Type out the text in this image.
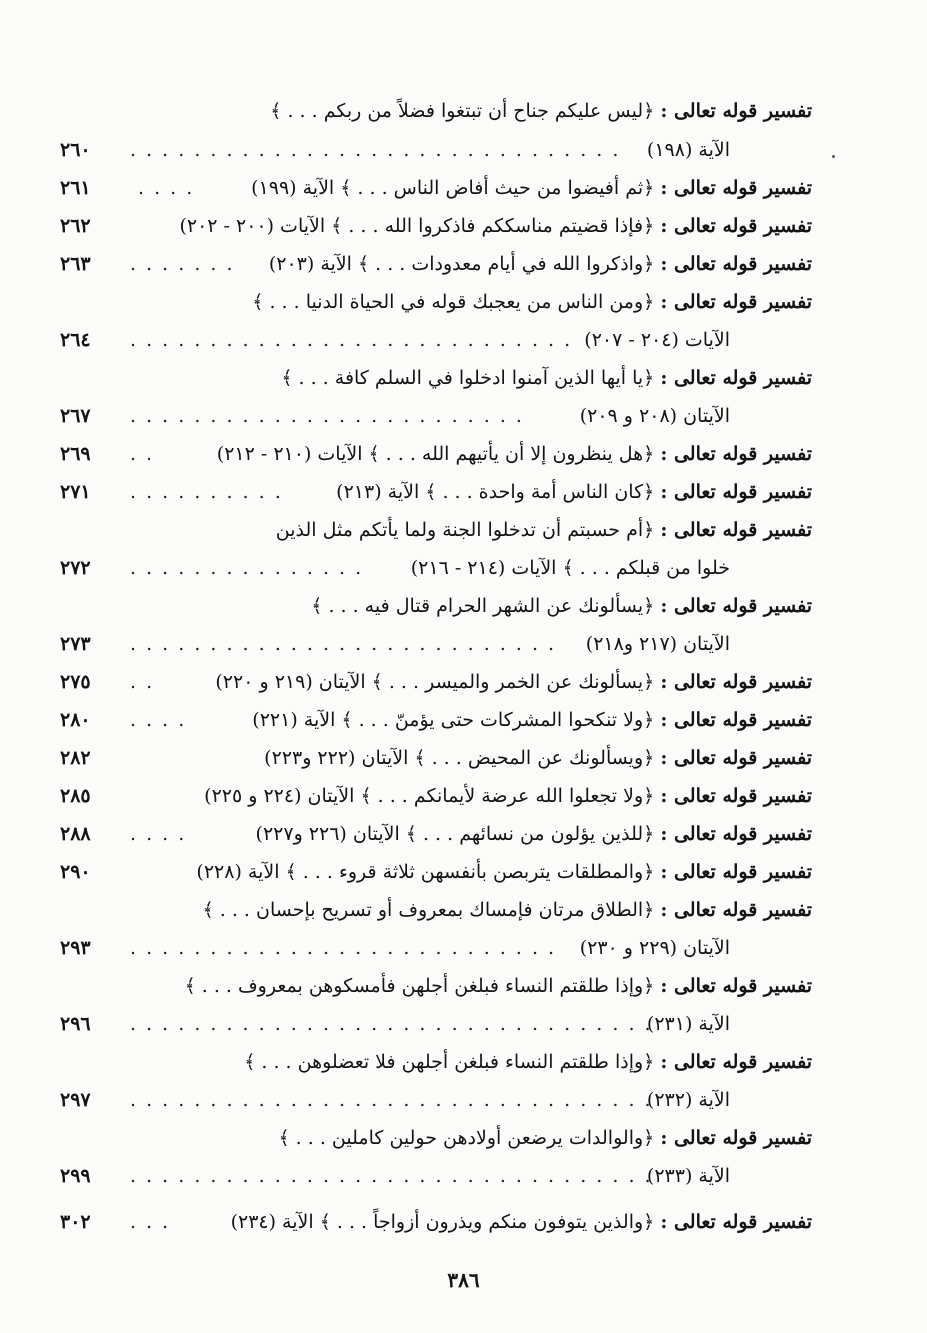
تفسير قوله تعالى : ﴿ليس عليكم جناح أن تبتغوا فضلاً من ربكم . . . ﴾
٢٦٠ . . .	الآية (١٩٨)
٢٦١ . . .	تفسير قوله تعالى : ﴿ثم أفيضوا من حيث أفاض الناس . . . ﴾ الآية (١٩٩)
٢٦٢	تفسير قوله تعالى : ﴿فإذا قضيتم مناسككم فاذكروا الله . . . ﴾ الآيات (٢٠٠ - ٢٠٢)
٢٦٣ . . .	تفسير قوله تعالى : ﴿واذكروا الله في أيام معدودات . . . ﴾ الآية (٢٠٣)
تفسير قوله تعالى : ﴿ومن الناس من يعجبك قوله في الحياة الدنيا . . . ﴾
٢٦٤ . . .	الآيات (٢٠٤ - ٢٠٧)
تفسير قوله تعالى : ﴿يا أيها الذين آمنوا ادخلوا في السلم كافة . . . ﴾
٢٦٧ . . .	الآيتان (٢٠٨ و ٢٠٩)
٢٦٩ . . .	تفسير قوله تعالى : ﴿هل ينظرون إلا أن يأتيهم الله . . . ﴾ الآيات (٢١٠ - ٢١٢)
٢٧١ . . .	تفسير قوله تعالى : ﴿كان الناس أمة واحدة . . . ﴾ الآية (٢١٣)
تفسير قوله تعالى : ﴿أم حسبتم أن تدخلوا الجنة ولما يأتكم مثل الذين
٢٧٢ . . .	خلوا من قبلكم . . . ﴾ الآيات (٢١٤ - ٢١٦)
تفسير قوله تعالى : ﴿يسألونك عن الشهر الحرام قتال فيه . . . ﴾
٢٧٣ . . .	الآيتان (٢١٧ و٢١٨)
٢٧٥ . . .	تفسير قوله تعالى : ﴿يسألونك عن الخمر والميسر . . . ﴾ الآيتان (٢١٩ و ٢٢٠)
٢٨٠ . . .	تفسير قوله تعالى : ﴿ولا تنكحوا المشركات حتى يؤمنّ . . . ﴾ الآية (٢٢١)
٢٨٢	تفسير قوله تعالى : ﴿ويسألونك عن المحيض . . . ﴾ الآيتان (٢٢٢ و٢٢٣)
٢٨٥	تفسير قوله تعالى : ﴿ولا تجعلوا الله عرضة لأيمانكم . . . ﴾ الآيتان (٢٢٤ و ٢٢٥)
٢٨٨ . . .	تفسير قوله تعالى : ﴿للذين يؤلون من نسائهم . . . ﴾ الآيتان (٢٢٦ و٢٢٧)
٢٩٠	تفسير قوله تعالى : ﴿والمطلقات يتربصن بأنفسهن ثلاثة قروء . . . ﴾ الآية (٢٢٨)
تفسير قوله تعالى : ﴿الطلاق مرتان فإمساك بمعروف أو تسريح بإحسان . . . ﴾
٢٩٣ . . .	الآيتان (٢٢٩ و ٢٣٠)
تفسير قوله تعالى : ﴿وإذا طلقتم النساء فبلغن أجلهن فأمسكوهن بمعروف . . . ﴾
٢٩٦ . . .	الآية (٢٣١)
تفسير قوله تعالى : ﴿وإذا طلقتم النساء فبلغن أجلهن فلا تعضلوهن . . . ﴾
٢٩٧ . . .	الآية (٢٣٢)
تفسير قوله تعالى : ﴿والوالدات يرضعن أولادهن حولين كاملين . . . ﴾
٢٩٩ . . .	الآية (٢٣٣)
٣٠٢ . . .	تفسير قوله تعالى : ﴿والذين يتوفون منكم ويذرون أزواجاً . . . ﴾ الآية (٢٣٤)
٣٨٦
